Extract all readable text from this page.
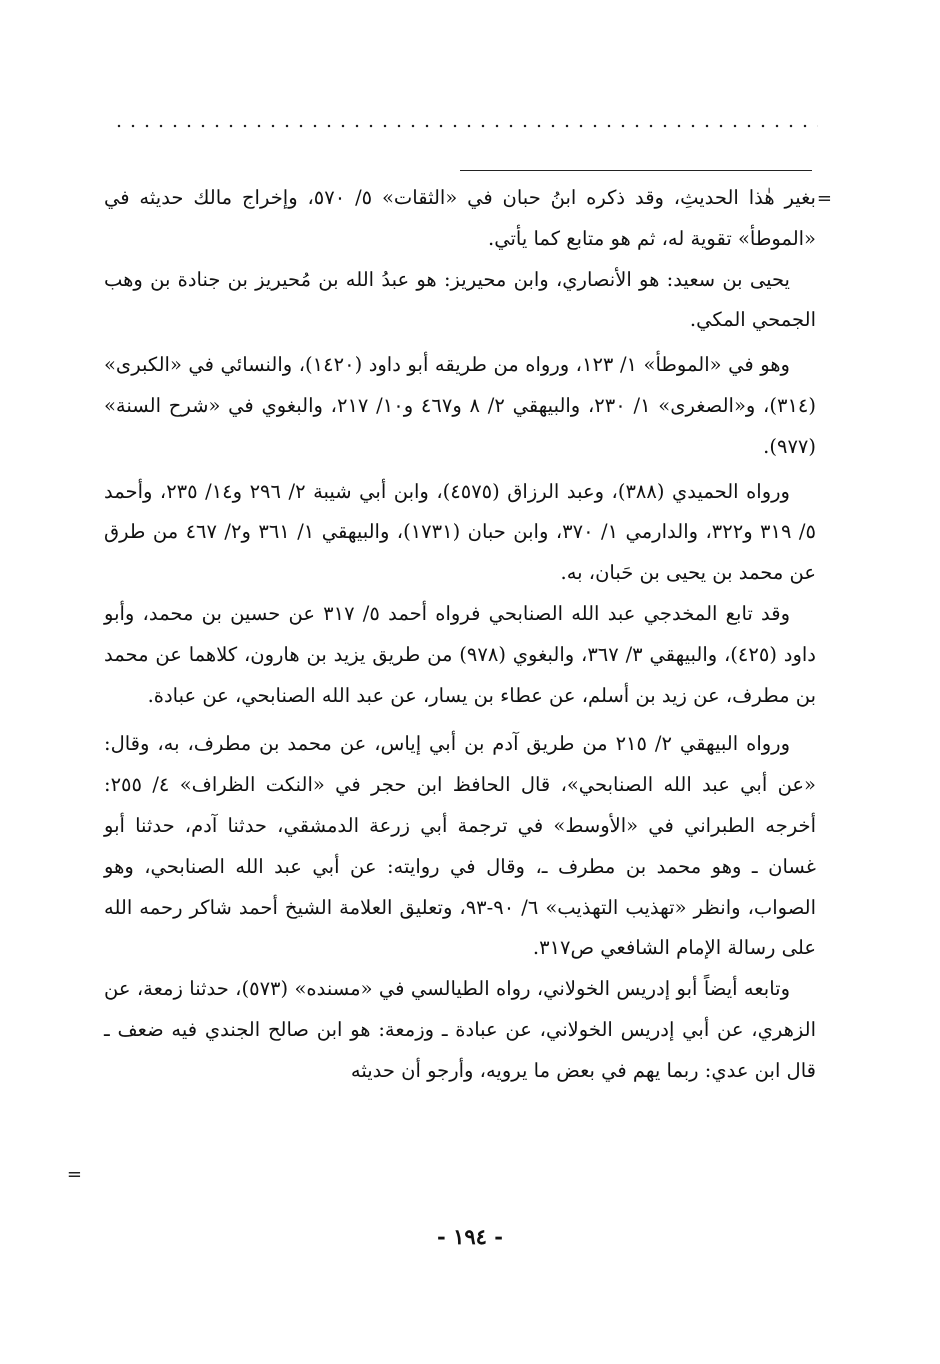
=

بغير هٰذا الحديثِ، وقد ذكره ابنُ حبان في «الثقات» ٥/ ٥٧٠، وإخراج مالك حديثه في «الموطأ» تقوية له، ثم هو متابع كما يأتي.

يحيى بن سعيد: هو الأنصاري، وابن محيريز: هو عبدُ الله بن مُحيريز بن جنادة بن وهب الجمحي المكي.

وهو في «الموطأ» ١/ ١٢٣، ورواه من طريقه أبو داود (١٤٢٠)، والنسائي في «الكبرى» (٣١٤)، و«الصغرى» ١/ ٢٣٠، والبيهقي ٢/ ٨ و٤٦٧ و١٠/ ٢١٧، والبغوي في «شرح السنة» (٩٧٧).

ورواه الحميدي (٣٨٨)، وعبد الرزاق (٤٥٧٥)، وابن أبي شيبة ٢/ ٢٩٦ و١٤/ ٢٣٥، وأحمد ٥/ ٣١٩ و٣٢٢، والدارمي ١/ ٣٧٠، وابن حبان (١٧٣١)، والبيهقي ١/ ٣٦١ و٢/ ٤٦٧ من طرق عن محمد بن يحيى بن حَبان، به.

وقد تابع المخدجي عبد الله الصنابحي فرواه أحمد ٥/ ٣١٧ عن حسين بن محمد، وأبو داود (٤٢٥)، والبيهقي ٣/ ٣٦٧، والبغوي (٩٧٨) من طريق يزيد بن هارون، كلاهما عن محمد بن مطرف، عن زيد بن أسلم، عن عطاء بن يسار، عن عبد الله الصنابحي، عن عبادة.

ورواه البيهقي ٢/ ٢١٥ من طريق آدم بن أبي إياس، عن محمد بن مطرف، به، وقال: «عن أبي عبد الله الصنابحي»، قال الحافظ ابن حجر في «النكت الظراف» ٤/ ٢٥٥: أخرجه الطبراني في «الأوسط» في ترجمة أبي زرعة الدمشقي، حدثنا آدم، حدثنا أبو غسان ـ وهو محمد بن مطرف ـ، وقال في روايته: عن أبي عبد الله الصنابحي، وهو الصواب، وانظر «تهذيب التهذيب» ٦/ ٩٠-٩٣، وتعليق العلامة الشيخ أحمد شاكر رحمه الله على رسالة الإمام الشافعي ص٣١٧.

وتابعه أيضاً أبو إدريس الخولاني، رواه الطيالسي في «مسنده» (٥٧٣)، حدثنا زمعة، عن الزهري، عن أبي إدريس الخولاني، عن عبادة ـ وزمعة: هو ابن صالح الجندي فيه ضعف ـ قال ابن عدي: ربما يهم في بعض ما يرويه، وأرجو أن حديثه

=
- ١٩٤ -
